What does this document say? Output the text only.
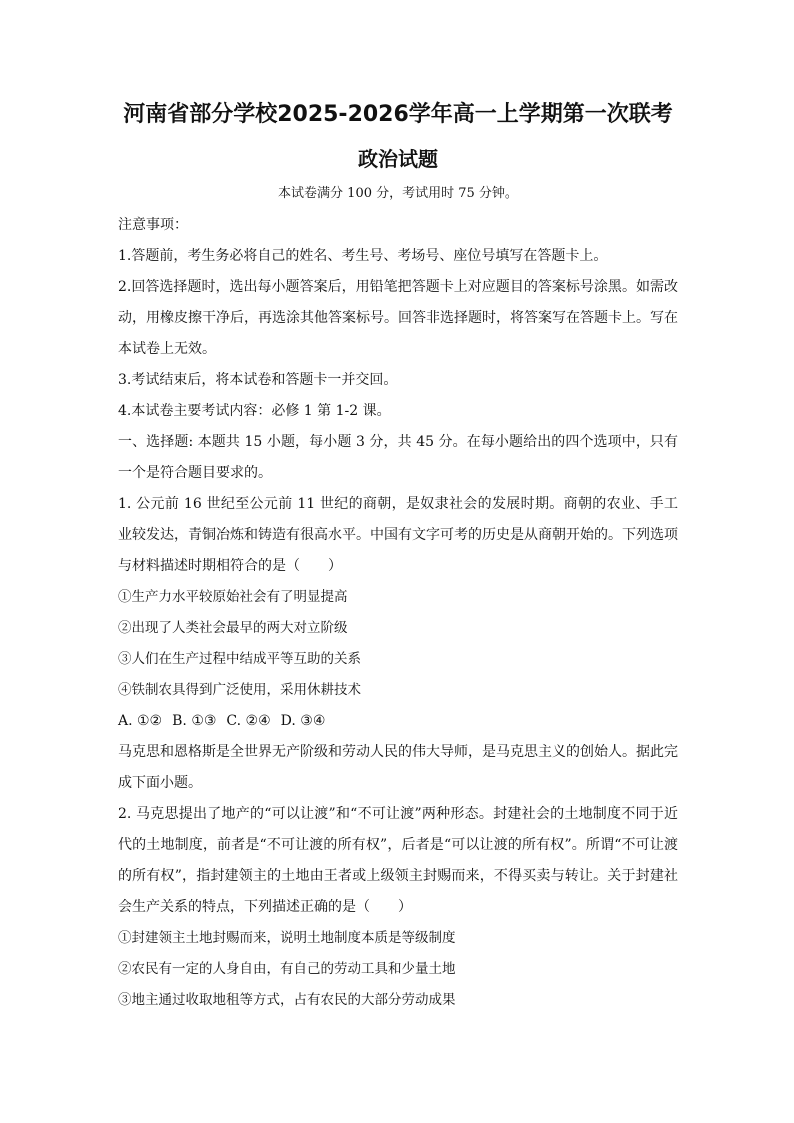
河南省部分学校2025-2026学年高一上学期第一次联考
政治试题

本试卷满分 100 分，考试用时 75 分钟。

注意事项：

1.答题前，考生务必将自己的姓名、考生号、考场号、座位号填写在答题卡上。

2.回答选择题时，选出每小题答案后，用铅笔把答题卡上对应题目的答案标号涂黑。如需改动，用橡皮擦干净后，再选涂其他答案标号。回答非选择题时，将答案写在答题卡上。写在本试卷上无效。

3.考试结束后，将本试卷和答题卡一并交回。

4.本试卷主要考试内容：必修 1 第 1-2 课。

一、选择题: 本题共 15 小题，每小题 3 分，共 45 分。在每小题给出的四个选项中，只有一个是符合题目要求的。

1. 公元前 16 世纪至公元前 11 世纪的商朝，是奴隶社会的发展时期。商朝的农业、手工业较发达，青铜冶炼和铸造有很高水平。中国有文字可考的历史是从商朝开始的。下列选项与材料描述时期相符合的是（　　）

①生产力水平较原始社会有了明显提高

②出现了人类社会最早的两大对立阶级

③人们在生产过程中结成平等互助的关系

④铁制农具得到广泛使用，采用休耕技术

A. ①② B. ①③ C. ②④ D. ③④

马克思和恩格斯是全世界无产阶级和劳动人民的伟大导师，是马克思主义的创始人。据此完成下面小题。

2. 马克思提出了地产的“可以让渡”和“不可让渡”两种形态。封建社会的土地制度不同于近代的土地制度，前者是“不可让渡的所有权”，后者是“可以让渡的所有权”。所谓“不可让渡的所有权”，指封建领主的土地由王者或上级领主封赐而来，不得买卖与转让。关于封建社会生产关系的特点，下列描述正确的是（　　）

①封建领主土地封赐而来，说明土地制度本质是等级制度

②农民有一定的人身自由，有自己的劳动工具和少量土地

③地主通过收取地租等方式，占有农民的大部分劳动成果
